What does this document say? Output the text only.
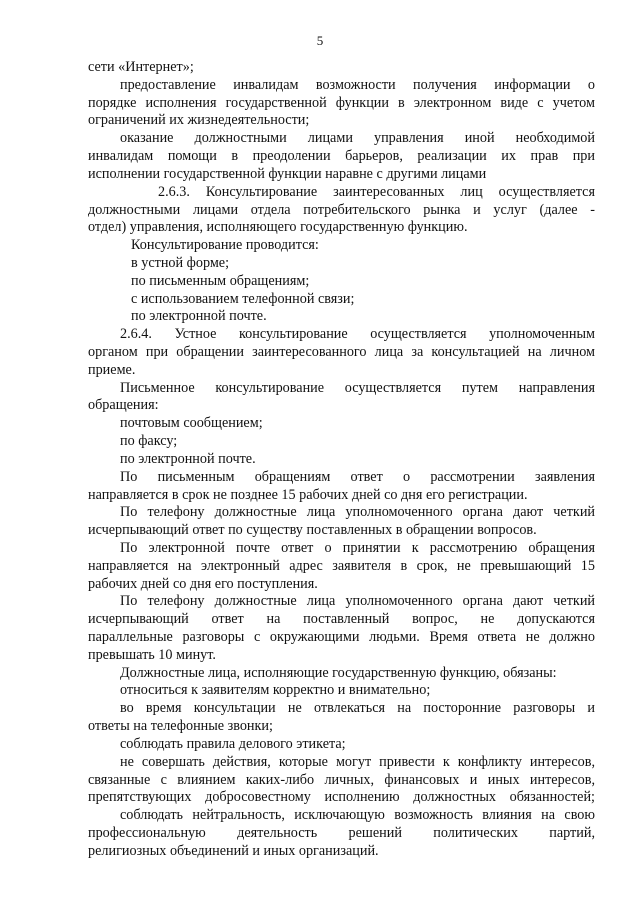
5
сети «Интернет»;
предоставление инвалидам возможности получения информации о
порядке исполнения государственной функции в электронном виде с учетом
ограничений их жизнедеятельности;
оказание должностными лицами управления иной необходимой
инвалидам помощи в преодолении барьеров, реализации их прав при
исполнении государственной функции наравне с другими лицами
2.6.3. Консультирование заинтересованных лиц осуществляется
должностными лицами отдела потребительского рынка и услуг (далее -
отдел) управления, исполняющего государственную функцию.
Консультирование проводится:
в устной форме;
по письменным обращениям;
с использованием телефонной связи;
по электронной почте.
2.6.4. Устное консультирование осуществляется уполномоченным
органом при обращении заинтересованного лица за консультацией на личном
приеме.
Письменное консультирование осуществляется путем направления
обращения:
почтовым сообщением;
по факсу;
по электронной почте.
По письменным обращениям ответ о рассмотрении заявления
направляется в срок не позднее 15 рабочих дней со дня его регистрации.
По телефону должностные лица уполномоченного органа дают четкий
исчерпывающий ответ по существу поставленных в обращении вопросов.
По электронной почте ответ о принятии к рассмотрению обращения
направляется на электронный адрес заявителя в срок, не превышающий 15
рабочих дней со дня его поступления.
По телефону должностные лица уполномоченного органа дают четкий
исчерпывающий ответ на поставленный вопрос, не допускаются
параллельные разговоры с окружающими людьми. Время ответа не должно
превышать 10 минут.
Должностные лица, исполняющие государственную функцию, обязаны:
относиться к заявителям корректно и внимательно;
во время консультации не отвлекаться на посторонние разговоры и
ответы на телефонные звонки;
соблюдать правила делового этикета;
не совершать действия, которые могут привести к конфликту интересов,
связанные с влиянием каких-либо личных, финансовых и иных интересов,
препятствующих добросовестному исполнению должностных обязанностей;
соблюдать нейтральность, исключающую возможность влияния на свою
профессиональную деятельность решений политических партий,
религиозных объединений и иных организаций.
